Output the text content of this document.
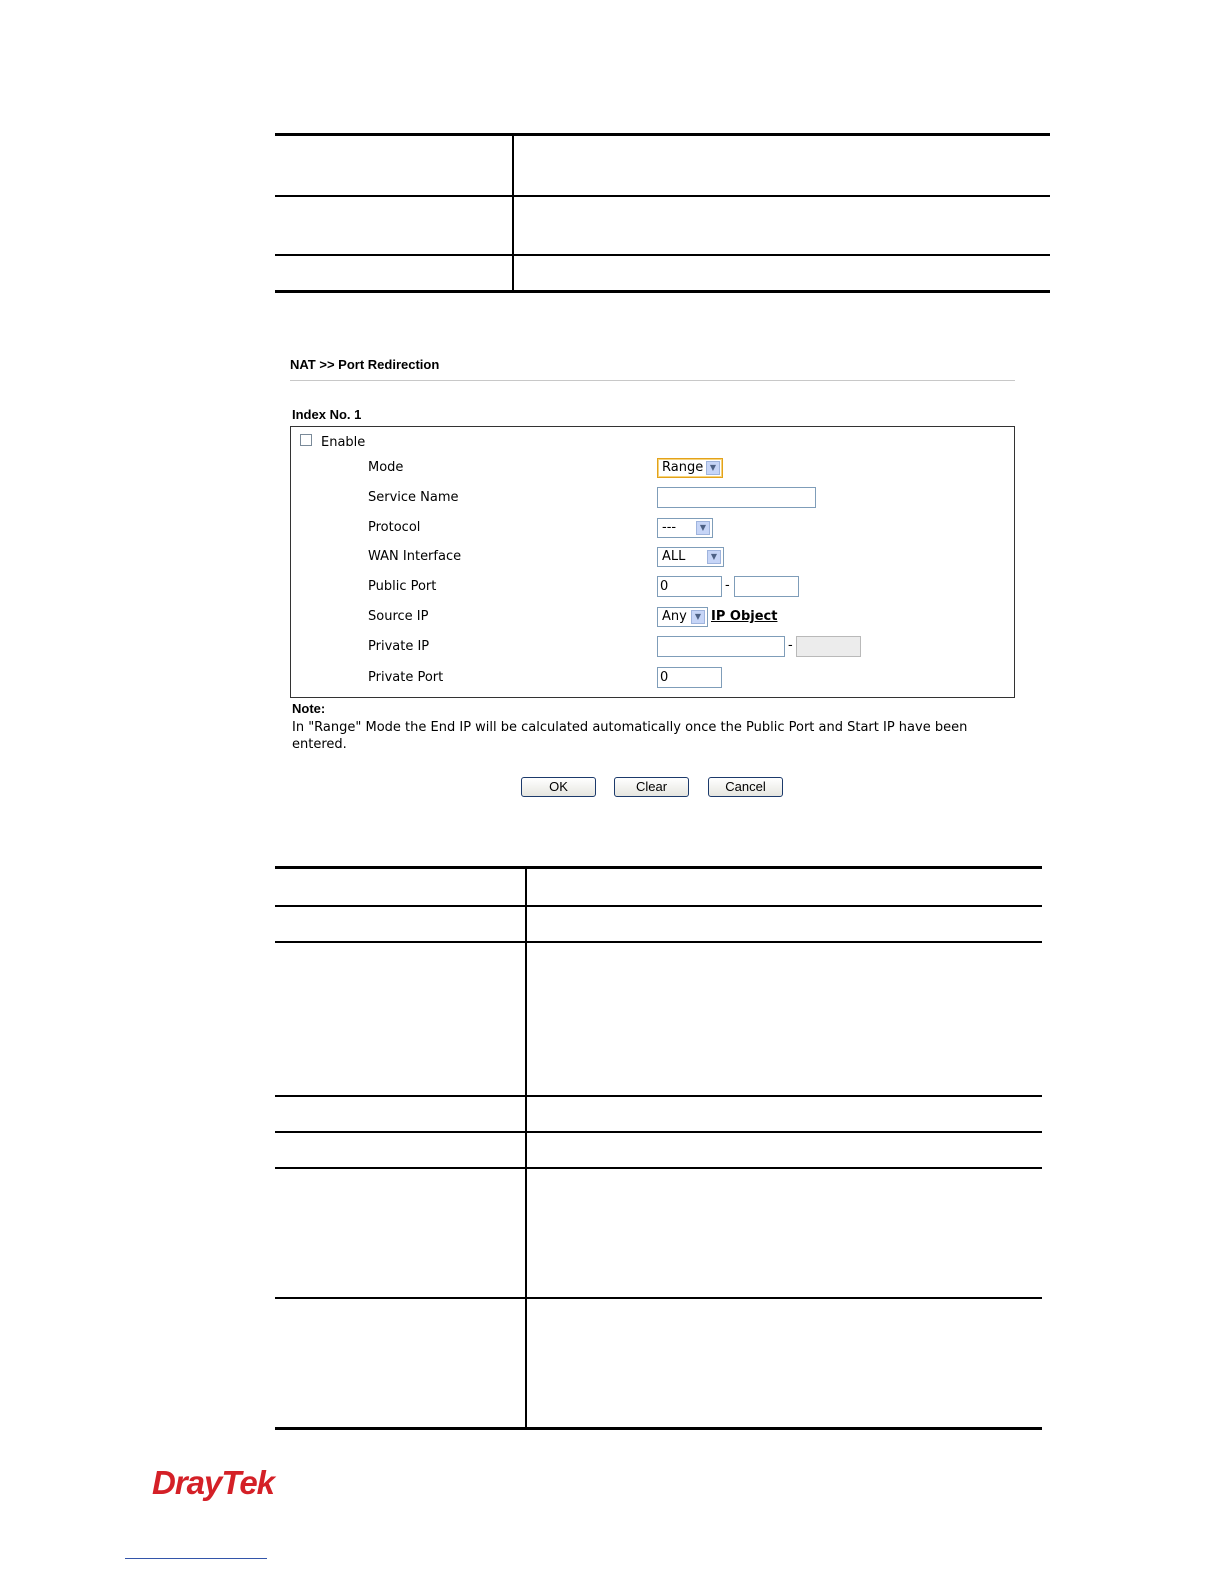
NAT >> Port Redirection
Index No. 1
Enable
Mode	Range ▼
Service Name
Protocol	---	▼
WAN Interface	ALL	▼
Public Port	0	-
Source IP	Any	▼ IP Object
Private IP	-
Private Port	0
Note:
In "Range" Mode the End IP will be calculated automatically once the Public Port and Start IP have been entered.
OK	Clear	Cancel
DrayTek
